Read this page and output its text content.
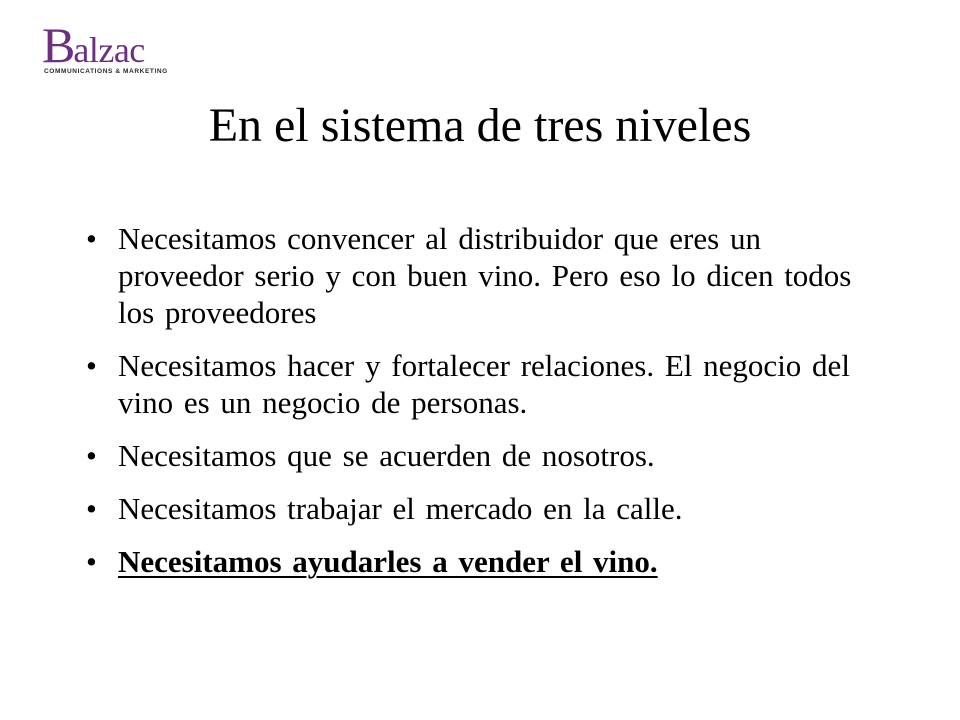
Balzac
COMMUNICATIONS & MARKETING
En el sistema de tres niveles
• Necesitamos convencer al distribuidor que eres un proveedor serio y con buen vino. Pero eso lo dicen todos los proveedores
• Necesitamos hacer y fortalecer relaciones. El negocio del vino es un negocio de personas.
• Necesitamos que se acuerden de nosotros.
• Necesitamos trabajar el mercado en la calle.
• Necesitamos ayudarles a vender el vino.
